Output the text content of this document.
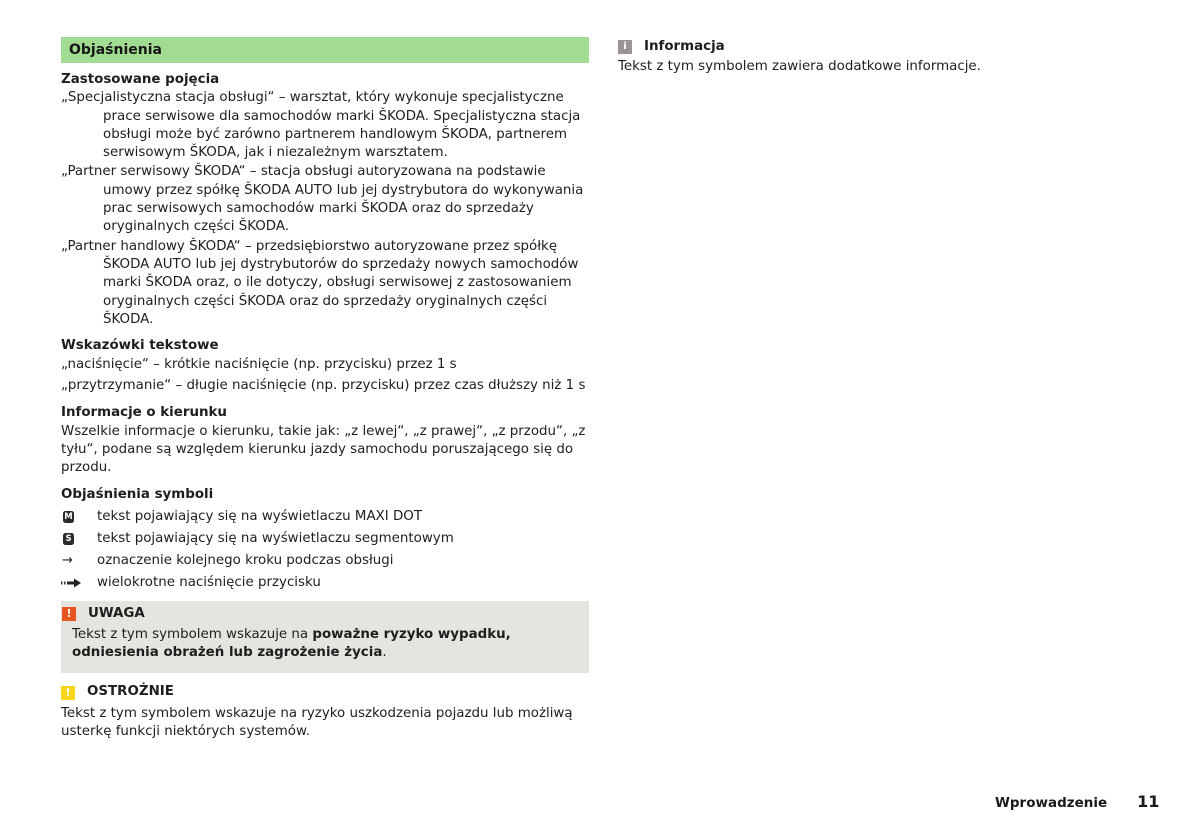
Objaśnienia

Zastosowane pojęcia

„Specjalistyczna stacja obsługi“ – warsztat, który wykonuje specjalistyczne prace serwisowe dla samochodów marki ŠKODA. Specjalistyczna stacja obsługi może być zarówno partnerem handlowym ŠKODA, partnerem serwisowym ŠKODA, jak i niezależnym warsztatem.

„Partner serwisowy ŠKODA“ – stacja obsługi autoryzowana na podstawie umowy przez spółkę ŠKODA AUTO lub jej dystrybutora do wykonywania prac serwisowych samochodów marki ŠKODA oraz do sprzedaży oryginalnych części ŠKODA.

„Partner handlowy ŠKODA“ – przedsiębiorstwo autoryzowane przez spółkę ŠKODA AUTO lub jej dystrybutorów do sprzedaży nowych samochodów marki ŠKODA oraz, o ile dotyczy, obsługi serwisowej z zastosowaniem oryginalnych części ŠKODA oraz do sprzedaży oryginalnych części ŠKODA.

Wskazówki tekstowe

„naciśnięcie“ – krótkie naciśnięcie (np. przycisku) przez 1 s

„przytrzymanie“ – długie naciśnięcie (np. przycisku) przez czas dłuższy niż 1 s

Informacje o kierunku

Wszelkie informacje o kierunku, takie jak: „z lewej“, „z prawej“, „z przodu“, „z tyłu“, podane są względem kierunku jazdy samochodu poruszającego się do przodu.

Objaśnienia symboli

M tekst pojawiający się na wyświetlaczu MAXI DOT
S tekst pojawiający się na wyświetlaczu segmentowym
→ oznaczenie kolejnego kroku podczas obsługi
wielokrotne naciśnięcie przycisku
!	UWAGA

Tekst z tym symbolem wskazuje na poważne ryzyko wypadku, odniesienia obrażeń lub zagrożenie życia.

!	OSTROŻNIE

Tekst z tym symbolem wskazuje na ryzyko uszkodzenia pojazdu lub możliwą usterkę funkcji niektórych systemów.

i	Informacja

Tekst z tym symbolem zawiera dodatkowe informacje.

Wprowadzenie 11
